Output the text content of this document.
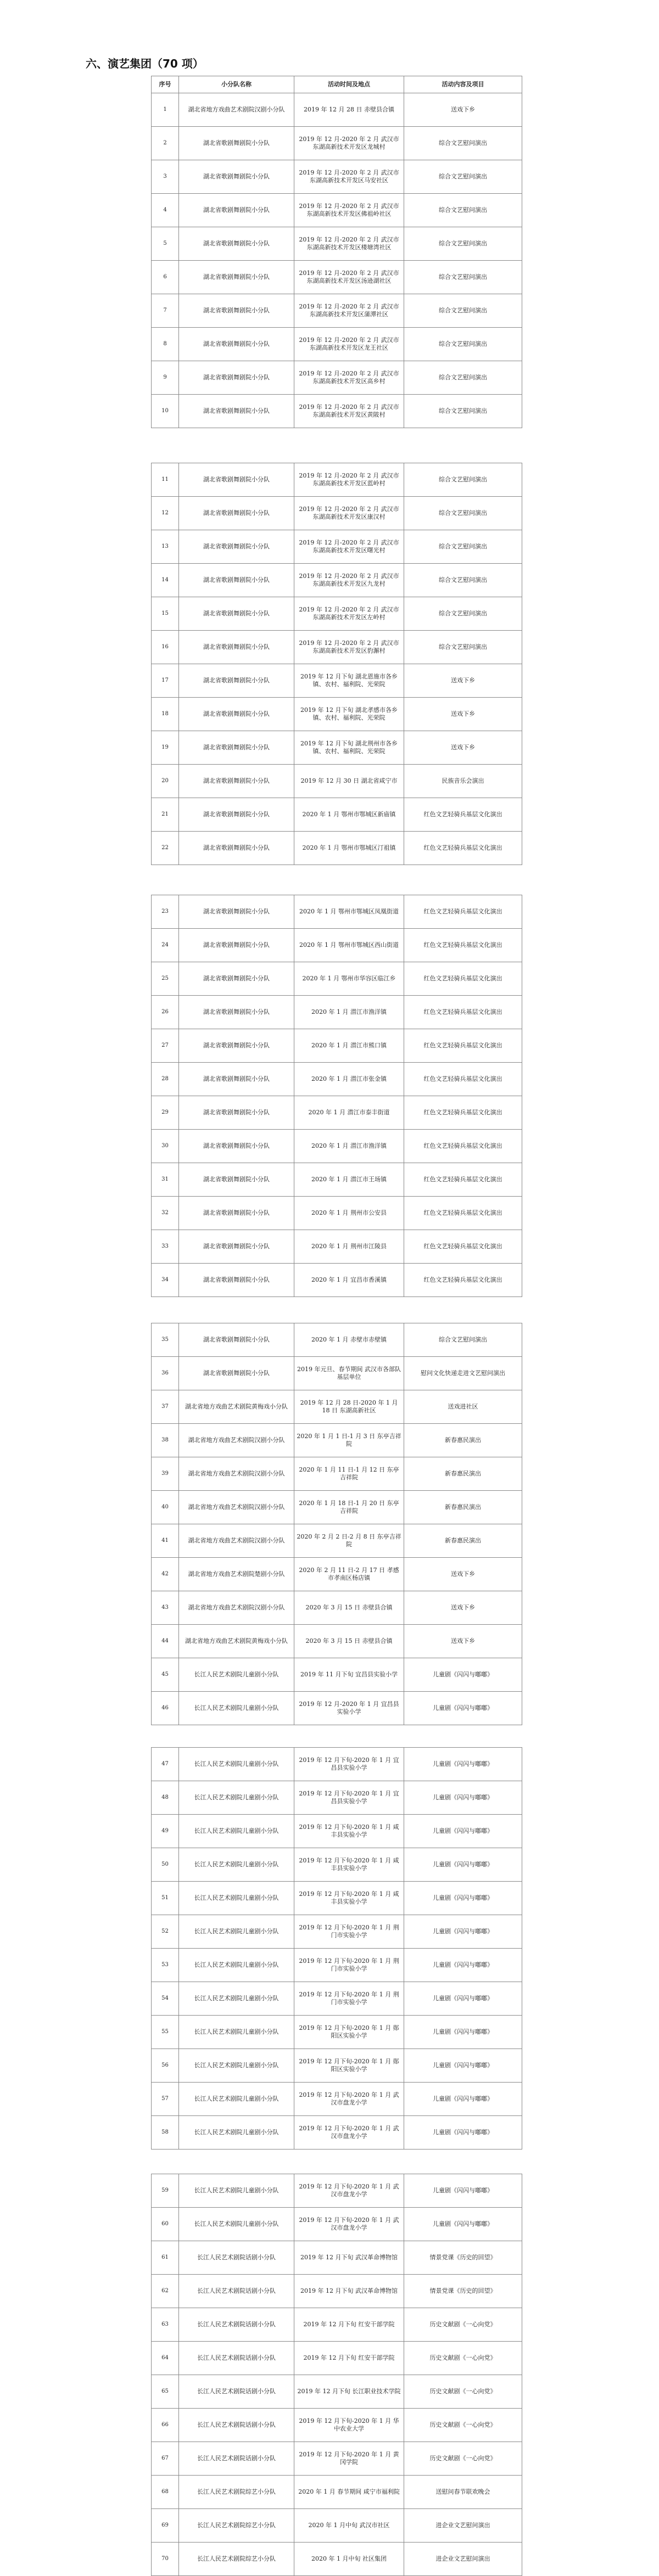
六、演艺集团（70 项）
序号	小分队名称	活动时间及地点	活动内容及项目
1	湖北省地方戏曲艺术剧院汉剧小分队	2019 年 12 月 28 日 赤壁县合镇	送戏下乡
2	湖北省歌剧舞剧院小分队	2019 年 12 月-2020 年 2 月 武汉市东湖高新技术开发区龙城村	综合文艺慰问演出
3	湖北省歌剧舞剧院小分队	2019 年 12 月-2020 年 2 月 武汉市东湖高新技术开发区马安社区	综合文艺慰问演出
4	湖北省歌剧舞剧院小分队	2019 年 12 月-2020 年 2 月 武汉市东湖高新技术开发区佛祖岭社区	综合文艺慰问演出
5	湖北省歌剧舞剧院小分队	2019 年 12 月-2020 年 2 月 武汉市东湖高新技术开发区楼塘湾社区	综合文艺慰问演出
6	湖北省歌剧舞剧院小分队	2019 年 12 月-2020 年 2 月 武汉市东湖高新技术开发区汤逊湖社区	综合文艺慰问演出
7	湖北省歌剧舞剧院小分队	2019 年 12 月-2020 年 2 月 武汉市东湖高新技术开发区蒲潭社区	综合文艺慰问演出
8	湖北省歌剧舞剧院小分队	2019 年 12 月-2020 年 2 月 武汉市东湖高新技术开发区龙王社区	综合文艺慰问演出
9	湖北省歌剧舞剧院小分队	2019 年 12 月-2020 年 2 月 武汉市东湖高新技术开发区高乡村	综合文艺慰问演出
10	湖北省歌剧舞剧院小分队	2019 年 12 月-2020 年 2 月 武汉市东湖高新技术开发区黄陂村	综合文艺慰问演出
11	湖北省歌剧舞剧院小分队	2019 年 12 月-2020 年 2 月 武汉市东湖高新技术开发区蓝岭村	综合文艺慰问演出
12	湖北省歌剧舞剧院小分队	2019 年 12 月-2020 年 2 月 武汉市东湖高新技术开发区康汉村	综合文艺慰问演出
13	湖北省歌剧舞剧院小分队	2019 年 12 月-2020 年 2 月 武汉市东湖高新技术开发区曙光村	综合文艺慰问演出
14	湖北省歌剧舞剧院小分队	2019 年 12 月-2020 年 2 月 武汉市东湖高新技术开发区九龙村	综合文艺慰问演出
15	湖北省歌剧舞剧院小分队	2019 年 12 月-2020 年 2 月 武汉市东湖高新技术开发区左岭村	综合文艺慰问演出
16	湖北省歌剧舞剧院小分队	2019 年 12 月-2020 年 2 月 武汉市东湖高新技术开发区豹澥村	综合文艺慰问演出
17	湖北省歌剧舞剧院小分队	2019 年 12 月下旬 湖北恩施市各乡镇、农村、福利院、光荣院	送戏下乡
18	湖北省歌剧舞剧院小分队	2019 年 12 月下旬 湖北孝感市各乡镇、农村、福利院、光荣院	送戏下乡
19	湖北省歌剧舞剧院小分队	2019 年 12 月下旬 湖北荆州市各乡镇、农村、福利院、光荣院	送戏下乡
20	湖北省歌剧舞剧院小分队	2019 年 12 月 30 日 湖北省咸宁市	民族音乐会演出
21	湖北省歌剧舞剧院小分队	2020 年 1 月 鄂州市鄂城区新庙镇	红色文艺轻骑兵基层文化演出
22	湖北省歌剧舞剧院小分队	2020 年 1 月 鄂州市鄂城区汀祖镇	红色文艺轻骑兵基层文化演出
23	湖北省歌剧舞剧院小分队	2020 年 1 月 鄂州市鄂城区凤凰街道	红色文艺轻骑兵基层文化演出
24	湖北省歌剧舞剧院小分队	2020 年 1 月 鄂州市鄂城区西山街道	红色文艺轻骑兵基层文化演出
25	湖北省歌剧舞剧院小分队	2020 年 1 月 鄂州市华容区临江乡	红色文艺轻骑兵基层文化演出
26	湖北省歌剧舞剧院小分队	2020 年 1 月 潜江市渔洋镇	红色文艺轻骑兵基层文化演出
27	湖北省歌剧舞剧院小分队	2020 年 1 月 潜江市熊口镇	红色文艺轻骑兵基层文化演出
28	湖北省歌剧舞剧院小分队	2020 年 1 月 潜江市张金镇	红色文艺轻骑兵基层文化演出
29	湖北省歌剧舞剧院小分队	2020 年 1 月 潜江市泰丰街道	红色文艺轻骑兵基层文化演出
30	湖北省歌剧舞剧院小分队	2020 年 1 月 潜江市渔洋镇	红色文艺轻骑兵基层文化演出
31	湖北省歌剧舞剧院小分队	2020 年 1 月 潜江市王场镇	红色文艺轻骑兵基层文化演出
32	湖北省歌剧舞剧院小分队	2020 年 1 月 荆州市公安县	红色文艺轻骑兵基层文化演出
33	湖北省歌剧舞剧院小分队	2020 年 1 月 荆州市江陵县	红色文艺轻骑兵基层文化演出
34	湖北省歌剧舞剧院小分队	2020 年 1 月 宜昌市香溪镇	红色文艺轻骑兵基层文化演出
35	湖北省歌剧舞剧院小分队	2020 年 1 月 赤壁市赤壁镇	综合文艺慰问演出
36	湖北省歌剧舞剧院小分队	2019 年元旦、春节期间 武汉市各部队基层单位	慰问文化快递走进文艺慰问演出
37	湖北省地方戏曲艺术剧院黄梅戏小分队	2019 年 12 月 28 日-2020 年 1 月 18 日 东湖高新社区	送戏进社区
38	湖北省地方戏曲艺术剧院汉剧小分队	2020 年 1 月 1 日-1 月 3 日 东亭吉祥院	新春惠民演出
39	湖北省地方戏曲艺术剧院汉剧小分队	2020 年 1 月 11 日-1 月 12 日 东亭吉祥院	新春惠民演出
40	湖北省地方戏曲艺术剧院汉剧小分队	2020 年 1 月 18 日-1 月 20 日 东亭吉祥院	新春惠民演出
41	湖北省地方戏曲艺术剧院汉剧小分队	2020 年 2 月 2 日-2 月 8 日 东亭吉祥院	新春惠民演出
42	湖北省地方戏曲艺术剧院楚剧小分队	2020 年 2 月 11 日-2 月 17 日 孝感市孝南区杨店镇	送戏下乡
43	湖北省地方戏曲艺术剧院汉剧小分队	2020 年 3 月 15 日 赤壁县合镇	送戏下乡
44	湖北省地方戏曲艺术剧院黄梅戏小分队	2020 年 3 月 15 日 赤壁县合镇	送戏下乡
45	长江人民艺术剧院儿童剧小分队	2019 年 11 月下旬 宜昌县实验小学	儿童剧《闪闪与嘟嘟》
46	长江人民艺术剧院儿童剧小分队	2019 年 12 月-2020 年 1 月 宜昌县实验小学	儿童剧《闪闪与嘟嘟》
47	长江人民艺术剧院儿童剧小分队	2019 年 12 月下旬-2020 年 1 月 宜昌县实验小学	儿童剧《闪闪与嘟嘟》
48	长江人民艺术剧院儿童剧小分队	2019 年 12 月下旬-2020 年 1 月 宜昌县实验小学	儿童剧《闪闪与嘟嘟》
49	长江人民艺术剧院儿童剧小分队	2019 年 12 月下旬-2020 年 1 月 咸丰县实验小学	儿童剧《闪闪与嘟嘟》
50	长江人民艺术剧院儿童剧小分队	2019 年 12 月下旬-2020 年 1 月 咸丰县实验小学	儿童剧《闪闪与嘟嘟》
51	长江人民艺术剧院儿童剧小分队	2019 年 12 月下旬-2020 年 1 月 咸丰县实验小学	儿童剧《闪闪与嘟嘟》
52	长江人民艺术剧院儿童剧小分队	2019 年 12 月下旬-2020 年 1 月 荆门市实验小学	儿童剧《闪闪与嘟嘟》
53	长江人民艺术剧院儿童剧小分队	2019 年 12 月下旬-2020 年 1 月 荆门市实验小学	儿童剧《闪闪与嘟嘟》
54	长江人民艺术剧院儿童剧小分队	2019 年 12 月下旬-2020 年 1 月 荆门市实验小学	儿童剧《闪闪与嘟嘟》
55	长江人民艺术剧院儿童剧小分队	2019 年 12 月下旬-2020 年 1 月 郧阳区实验小学	儿童剧《闪闪与嘟嘟》
56	长江人民艺术剧院儿童剧小分队	2019 年 12 月下旬-2020 年 1 月 郧阳区实验小学	儿童剧《闪闪与嘟嘟》
57	长江人民艺术剧院儿童剧小分队	2019 年 12 月下旬-2020 年 1 月 武汉市盘龙小学	儿童剧《闪闪与嘟嘟》
58	长江人民艺术剧院儿童剧小分队	2019 年 12 月下旬-2020 年 1 月 武汉市盘龙小学	儿童剧《闪闪与嘟嘟》
59	长江人民艺术剧院儿童剧小分队	2019 年 12 月下旬-2020 年 1 月 武汉市盘龙小学	儿童剧《闪闪与嘟嘟》
60	长江人民艺术剧院儿童剧小分队	2019 年 12 月下旬-2020 年 1 月 武汉市盘龙小学	儿童剧《闪闪与嘟嘟》
61	长江人民艺术剧院话剧小分队	2019 年 12 月下旬 武汉革命博物馆	情景党课《历史的回望》
62	长江人民艺术剧院话剧小分队	2019 年 12 月下旬 武汉革命博物馆	情景党课《历史的回望》
63	长江人民艺术剧院话剧小分队	2019 年 12 月下旬 红安干部学院	历史文献剧《一心向党》
64	长江人民艺术剧院话剧小分队	2019 年 12 月下旬 红安干部学院	历史文献剧《一心向党》
65	长江人民艺术剧院话剧小分队	2019 年 12 月下旬 长江职业技术学院	历史文献剧《一心向党》
66	长江人民艺术剧院话剧小分队	2019 年 12 月下旬-2020 年 1 月 华中农业大学	历史文献剧《一心向党》
67	长江人民艺术剧院话剧小分队	2019 年 12 月下旬-2020 年 1 月 黄冈学院	历史文献剧《一心向党》
68	长江人民艺术剧院综艺小分队	2020 年 1 月 春节期间 咸宁市福利院	送慰问春节联欢晚会
69	长江人民艺术剧院综艺小分队	2020 年 1 月中旬 武汉市社区	进企业文艺慰问演出
70	长江人民艺术剧院综艺小分队	2020 年 1 月中旬 社区集团	进企业文艺慰问演出
